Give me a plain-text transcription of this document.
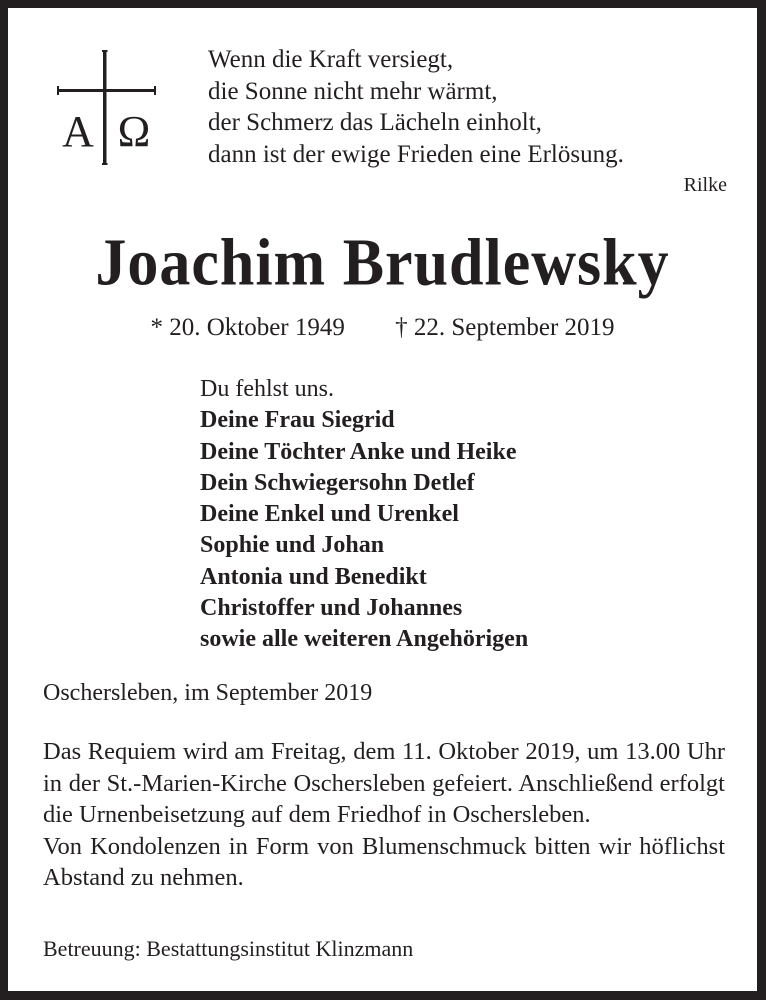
A Ω
Wenn die Kraft versiegt,
die Sonne nicht mehr wärmt,
der Schmerz das Lächeln einholt,
dann ist der ewige Frieden eine Erlösung.
Rilke
Joachim Brudlewsky
* 20. Oktober 1949 † 22. September 2019
Du fehlst uns.
Deine Frau Siegrid
Deine Töchter Anke und Heike
Dein Schwiegersohn Detlef
Deine Enkel und Urenkel
Sophie und Johan
Antonia und Benedikt
Christoffer und Johannes
sowie alle weiteren Angehörigen
Oschersleben, im September 2019

Das Requiem wird am Freitag, dem 11. Oktober 2019, um 13.00 Uhr in der St.-Marien-Kirche Oschersleben gefeiert. Anschließend erfolgt die Urnenbeisetzung auf dem Friedhof in Oschersleben.

Von Kondolenzen in Form von Blumenschmuck bitten wir höflichst Abstand zu nehmen.

Betreuung: Bestattungsinstitut Klinzmann
